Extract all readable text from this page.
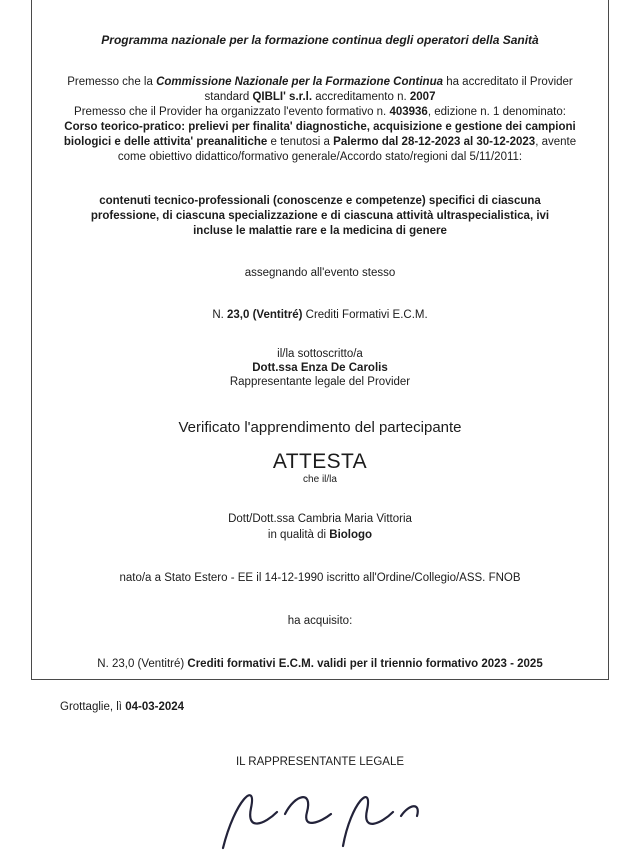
Programma nazionale per la formazione continua degli operatori della Sanità

Premesso che la Commissione Nazionale per la Formazione Continua ha accreditato il Provider standard QIBLI' s.r.l. accreditamento n. 2007
Premesso che il Provider ha organizzato l'evento formativo n. 403936, edizione n. 1 denominato: Corso teorico-pratico: prelievi per finalita' diagnostiche, acquisizione e gestione dei campioni biologici e delle attivita' preanalitiche e tenutosi a Palermo dal 28-12-2023 al 30-12-2023, avente come obiettivo didattico/formativo generale/Accordo stato/regioni dal 5/11/2011:

contenuti tecnico-professionali (conoscenze e competenze) specifici di ciascuna professione, di ciascuna specializzazione e di ciascuna attività ultraspecialistica, ivi incluse le malattie rare e la medicina di genere

assegnando all'evento stesso

N. 23,0 (Ventitré) Crediti Formativi E.C.M.

il/la sottoscritto/a
Dott.ssa Enza De Carolis
Rappresentante legale del Provider

Verificato l'apprendimento del partecipante

ATTESTA

che il/la

Dott/Dott.ssa Cambria Maria Vittoria

in qualità di Biologo

nato/a a Stato Estero - EE il 14-12-1990 iscritto all'Ordine/Collegio/ASS. FNOB

ha acquisito:

N. 23,0 (Ventitré) Crediti formativi E.C.M. validi per il triennio formativo 2023 - 2025

Grottaglie, lì 04-03-2024

IL RAPPRESENTANTE LEGALE
